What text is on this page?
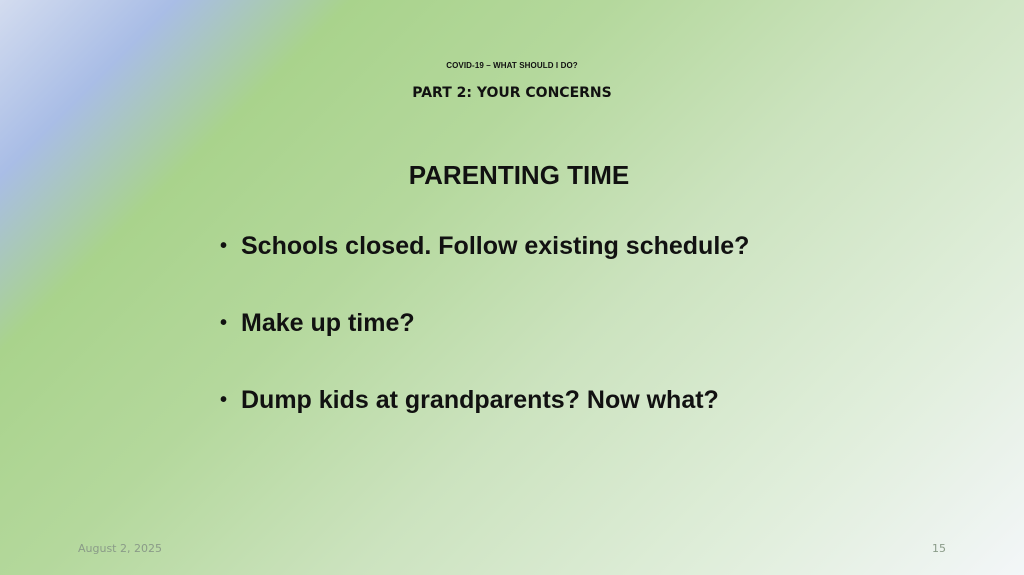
COVID-19 – WHAT SHOULD I DO?
PART 2: YOUR CONCERNS
PARENTING TIME
• Schools closed. Follow existing schedule?
• Make up time?
• Dump kids at grandparents? Now what?
August 2, 2025	15
